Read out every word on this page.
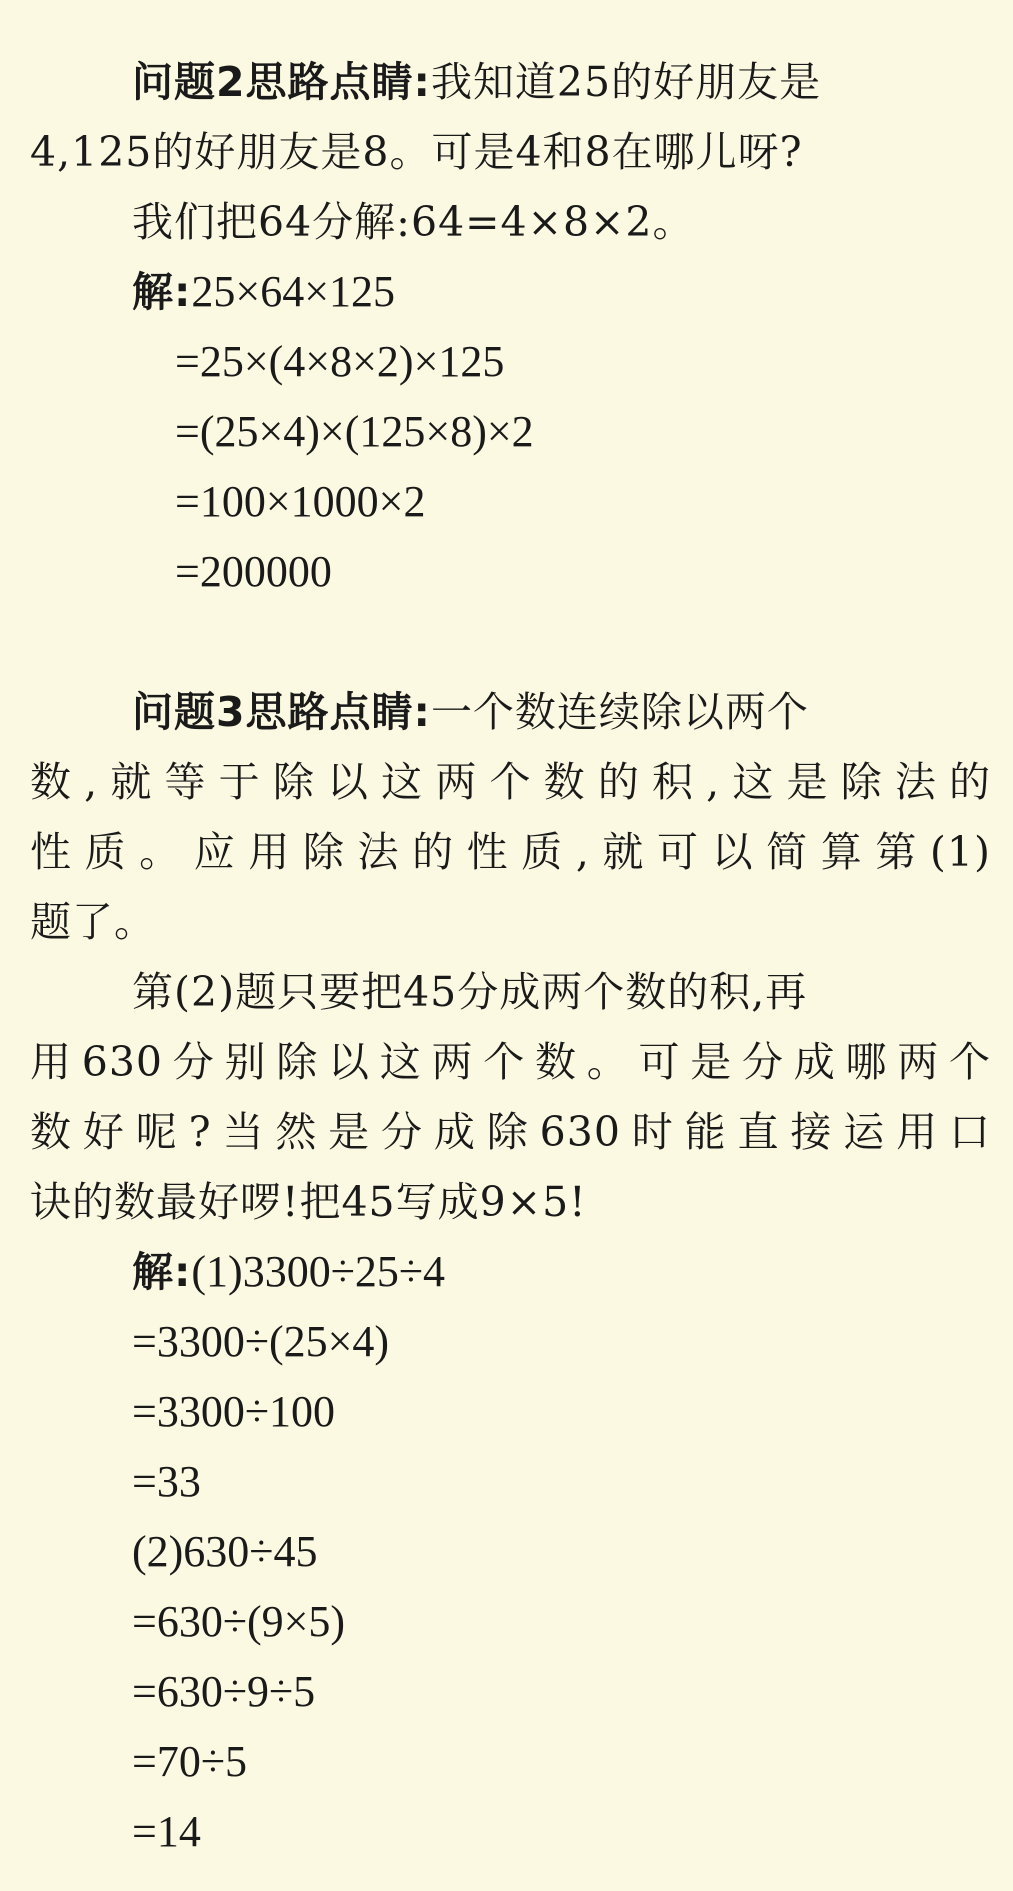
问题2思路点睛:我知道25的好朋友是
4,125的好朋友是8。可是4和8在哪儿呀?
我们把64分解:64=4×8×2。
解:25×64×125
=25×(4×8×2)×125
=(25×4)×(125×8)×2
=100×1000×2
=200000
问题3思路点睛:一个数连续除以两个
数,就等于除以这两个数的积,这是除法的
性质。应用除法的性质,就可以简算第(1)
题了。
第(2)题只要把45分成两个数的积,再
用630分别除以这两个数。可是分成哪两个
数好呢?当然是分成除630时能直接运用口
诀的数最好啰!把45写成9×5!
解:(1)3300÷25÷4
=3300÷(25×4)
=3300÷100
=33
(2)630÷45
=630÷(9×5)
=630÷9÷5
=70÷5
=14
